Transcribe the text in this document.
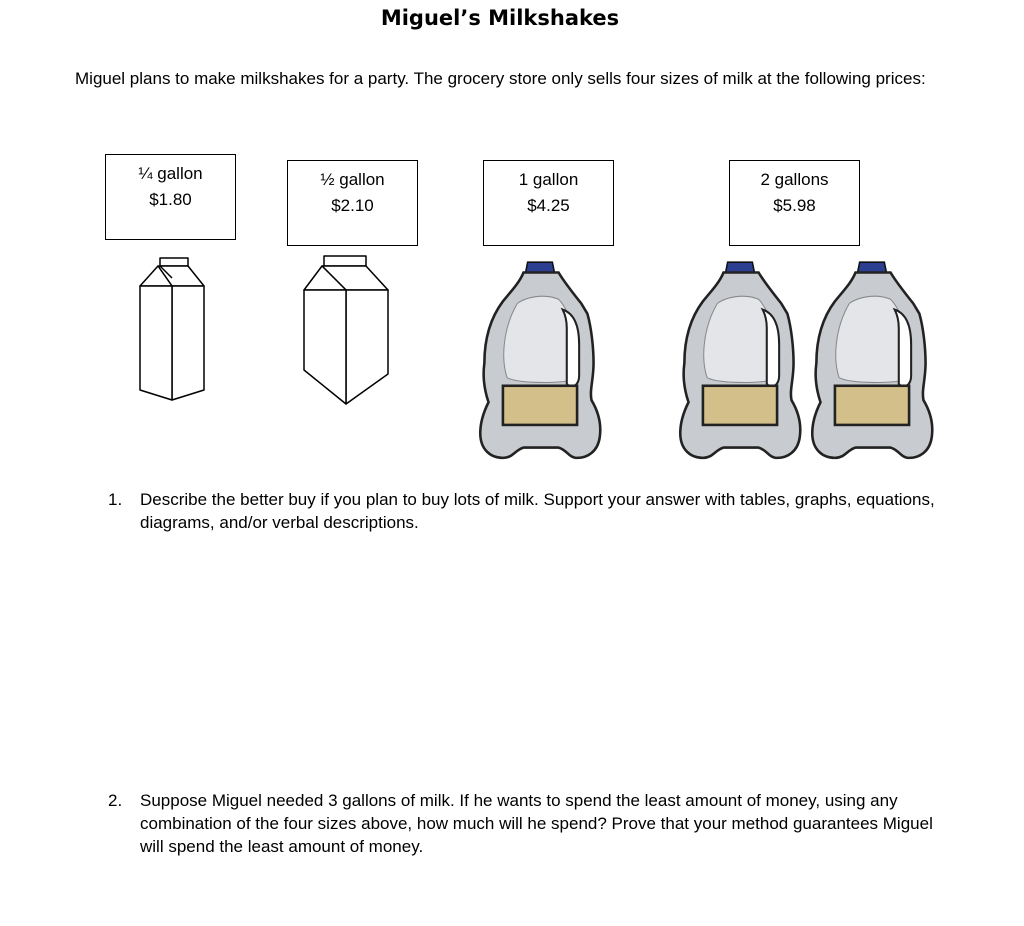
Miguel’s Milkshakes
Miguel plans to make milkshakes for a party. The grocery store only sells four sizes of milk at the following prices:
¼ gallon
$1.80
½ gallon
$2.10
1 gallon
$4.25
2 gallons
$5.98
1.	Describe the better buy if you plan to buy lots of milk. Support your answer with tables, graphs, equations, diagrams, and/or verbal descriptions.
2.	Suppose Miguel needed 3 gallons of milk. If he wants to spend the least amount of money, using any combination of the four sizes above, how much will he spend? Prove that your method guarantees Miguel will spend the least amount of money.
